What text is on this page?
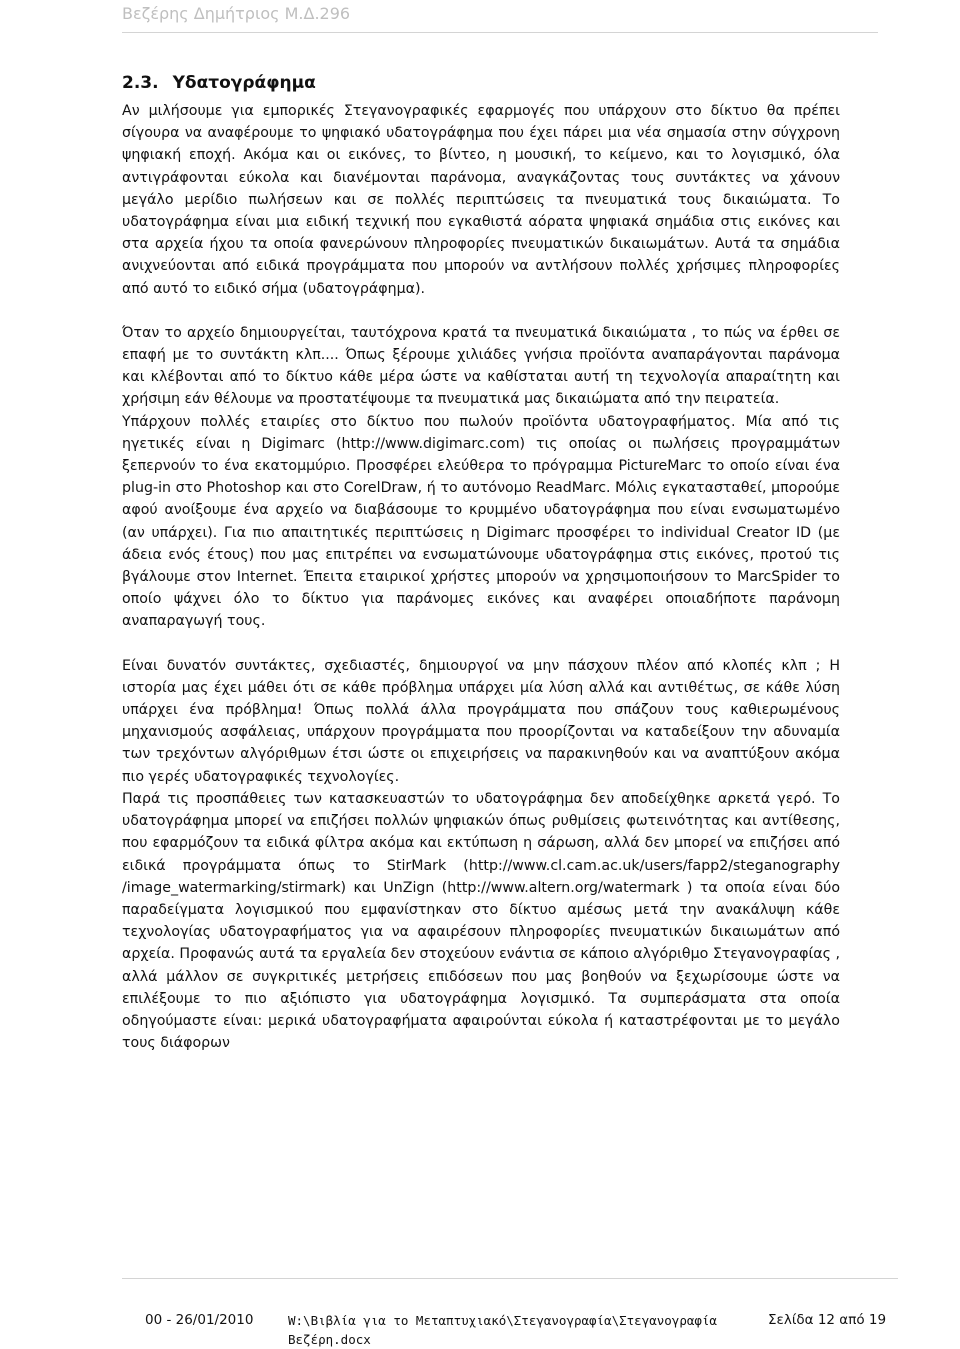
Βεζέρης Δημήτριος Μ.Δ.296
2.3. Υδατογράφημα

Αν μιλήσουμε για εμπορικές Στεγανογραφικές εφαρμογές που υπάρχουν στο δίκτυο θα πρέπει σίγουρα να αναφέρουμε το ψηφιακό υδατογράφημα που έχει πάρει μια νέα σημασία στην σύγχρονη ψηφιακή εποχή. Ακόμα και οι εικόνες, το βίντεο, η μουσική, το κείμενο, και το λογισμικό, όλα αντιγράφονται εύκολα και διανέμονται παράνομα, αναγκάζοντας τους συντάκτες να χάνουν μεγάλο μερίδιο πωλήσεων και σε πολλές περιπτώσεις τα πνευματικά τους δικαιώματα. Το υδατογράφημα είναι μια ειδική τεχνική που εγκαθιστά αόρατα ψηφιακά σημάδια στις εικόνες και στα αρχεία ήχου τα οποία φανερώνουν πληροφορίες πνευματικών δικαιωμάτων. Αυτά τα σημάδια ανιχνεύονται από ειδικά προγράμματα που μπορούν να αντλήσουν πολλές χρήσιμες πληροφορίες από αυτό το ειδικό σήμα (υδατογράφημα).

Όταν το αρχείο δημιουργείται, ταυτόχρονα κρατά τα πνευματικά δικαιώματα , το πώς να έρθει σε επαφή με το συντάκτη κλπ.... Όπως ξέρουμε χιλιάδες γνήσια προϊόντα αναπαράγονται παράνομα και κλέβονται από το δίκτυο κάθε μέρα ώστε να καθίσταται αυτή τη τεχνολογία απαραίτητη και χρήσιμη εάν θέλουμε να προστατέψουμε τα πνευματικά μας δικαιώματα από την πειρατεία.

Υπάρχουν πολλές εταιρίες στο δίκτυο που πωλούν προϊόντα υδατογραφήματος. Μία από τις ηγετικές είναι η Digimarc (http://www.digimarc.com) τις οποίας οι πωλήσεις προγραμμάτων ξεπερνούν το ένα εκατομμύριο. Προσφέρει ελεύθερα το πρόγραμμα PictureMarc το οποίο είναι ένα plug-in στο Photoshop και στο CorelDraw, ή το αυτόνομο ReadMarc. Μόλις εγκατασταθεί, μπορούμε αφού ανοίξουμε ένα αρχείο να διαβάσουμε το κρυμμένο υδατογράφημα που είναι ενσωματωμένο (αν υπάρχει). Για πιο απαιτητικές περιπτώσεις η Digimarc προσφέρει το individual Creator ID (με άδεια ενός έτους) που μας επιτρέπει να ενσωματώνουμε υδατογράφημα στις εικόνες, προτού τις βγάλουμε στον Internet. Έπειτα εταιρικοί χρήστες μπορούν να χρησιμοποιήσουν το MarcSpider το οποίο ψάχνει όλο το δίκτυο για παράνομες εικόνες και αναφέρει οποιαδήποτε παράνομη αναπαραγωγή τους.

Είναι δυνατόν συντάκτες, σχεδιαστές, δημιουργοί να μην πάσχουν πλέον από κλοπές κλπ ; Η ιστορία μας έχει μάθει ότι σε κάθε πρόβλημα υπάρχει μία λύση αλλά και αντιθέτως, σε κάθε λύση υπάρχει ένα πρόβλημα! Όπως πολλά άλλα προγράμματα που σπάζουν τους καθιερωμένους μηχανισμούς ασφάλειας, υπάρχουν προγράμματα που προορίζονται να καταδείξουν την αδυναμία των τρεχόντων αλγόριθμων έτσι ώστε οι επιχειρήσεις να παρακινηθούν και να αναπτύξουν ακόμα πιο γερές υδατογραφικές τεχνολογίες.

Παρά τις προσπάθειες των κατασκευαστών το υδατογράφημα δεν αποδείχθηκε αρκετά γερό. Το υδατογράφημα μπορεί να επιζήσει πολλών ψηφιακών όπως ρυθμίσεις φωτεινότητας και αντίθεσης, που εφαρμόζουν τα ειδικά φίλτρα ακόμα και εκτύπωση η σάρωση, αλλά δεν μπορεί να επιζήσει από ειδικά προγράμματα όπως το StirMark (http://www.cl.cam.ac.uk/users/fapp2/steganography /image_watermarking/stirmark) και UnZign (http://www.altern.org/watermark ) τα οποία είναι δύο παραδείγματα λογισμικού που εμφανίστηκαν στο δίκτυο αμέσως μετά την ανακάλυψη κάθε τεχνολογίας υδατογραφήματος για να αφαιρέσουν πληροφορίες πνευματικών δικαιωμάτων από αρχεία. Προφανώς αυτά τα εργαλεία δεν στοχεύουν ενάντια σε κάποιο αλγόριθμο Στεγανογραφίας , αλλά μάλλον σε συγκριτικές μετρήσεις επιδόσεων που μας βοηθούν να ξεχωρίσουμε ώστε να επιλέξουμε το πιο αξιόπιστο για υδατογράφημα λογισμικό. Τα συμπεράσματα στα οποία οδηγούμαστε είναι: μερικά υδατογραφήματα αφαιρούνται εύκολα ή καταστρέφονται με το μεγάλο τους διάφορων

00 - 26/01/2010	W:\Βιβλία για το Μεταπτυχιακό\Στεγανογραφία\Στεγανογραφία Βεζέρη.docx
Σελίδα 12 από 19
